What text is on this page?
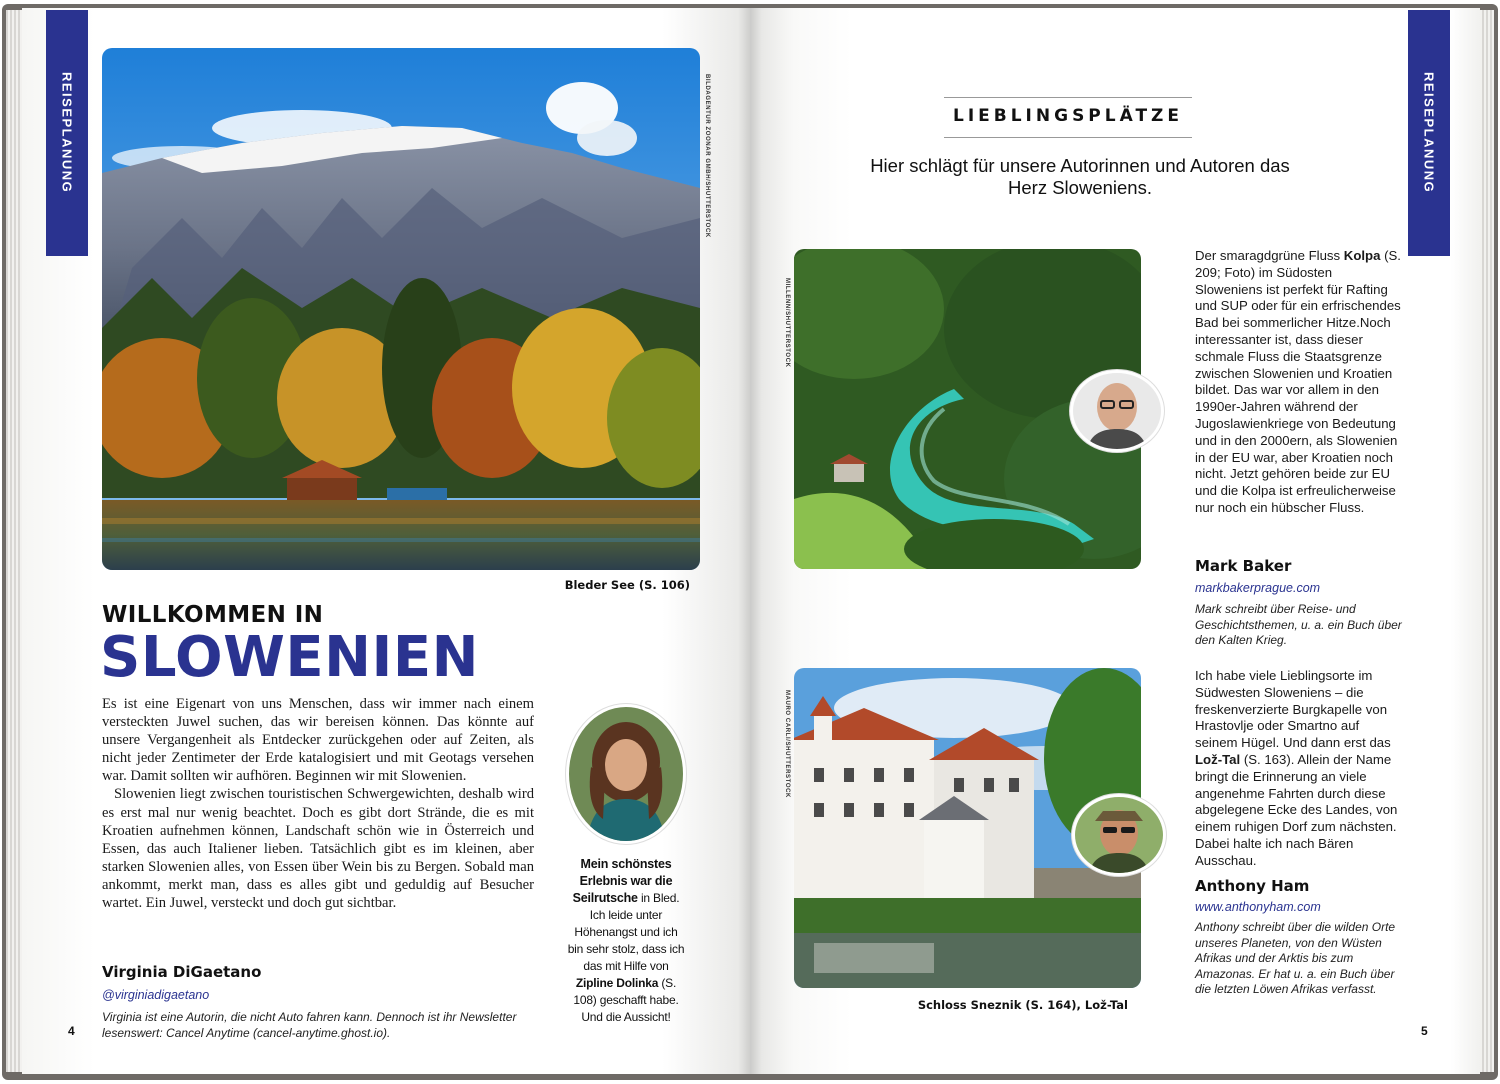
REISEPLANUNG	BILDAGENTUR ZOONAR GMBH/SHUTTERSTOCK
Bleder See (S. 106)
WILLKOMMEN IN
SLOWENIEN

Es ist eine Eigenart von uns Menschen, dass wir immer nach einem versteckten Juwel suchen, das wir bereisen können. Das könnte auf unsere Vergangenheit als Entdecker zurückgehen oder auf Zeiten, als nicht jeder Zentimeter der Erde katalogisiert und mit Geotags versehen war. Damit sollten wir aufhören. Beginnen wir mit Slowenien.

Slowenien liegt zwischen touristischen Schwergewichten, deshalb wird es erst mal nur wenig beachtet. Doch es gibt dort Strände, die es mit Kroatien aufnehmen können, Landschaft schön wie in Österreich und Essen, das auch Italiener lieben. Tatsächlich gibt es im kleinen, aber starken Slowenien alles, von Essen über Wein bis zu Bergen. Sobald man ankommt, merkt man, dass es alles gibt und geduldig auf Besucher wartet. Ein Juwel, versteckt und doch gut sichtbar.

Virginia DiGaetano
@virginiadigaetano
Virginia ist eine Autorin, die nicht Auto fahren kann. Dennoch ist ihr Newsletter lesenswert: Cancel Anytime (cancel-anytime.ghost.io).
Mein schönstes Erlebnis war die Seilrutsche in Bled. Ich leide unter Höhenangst und ich bin sehr stolz, dass ich das mit Hilfe von Zipline Dolinka (S. 108) geschafft habe. Und die Aussicht!
4
REISEPLANUNG
LIEBLINGSPLÄTZE
Hier schlägt für unsere Autorinnen und Autoren das Herz Sloweniens.
MILLENN/SHUTTERSTOCK
Der smaragdgrüne Fluss Kolpa (S. 209; Foto) im Südosten Sloweniens ist perfekt für Rafting und SUP oder für ein erfrischendes Bad bei sommerlicher Hitze.Noch interessanter ist, dass dieser schmale Fluss die Staatsgrenze zwischen Slowenien und Kroatien bildet. Das war vor allem in den 1990er-Jahren während der Jugoslawienkriege von Bedeutung und in den 2000ern, als Slowenien in der EU war, aber Kroatien noch nicht. Jetzt gehören beide zur EU und die Kolpa ist erfreulicherweise nur noch ein hübscher Fluss.
Mark Baker
markbakerprague.com
Mark schreibt über Reise- und Geschichtsthemen, u. a. ein Buch über den Kalten Krieg.
MAURO CARLI/SHUTTERSTOCK
Schloss Sneznik (S. 164), Lož-Tal
Ich habe viele Lieblingsorte im Südwesten Sloweniens – die freskenverzierte Burgkapelle von Hrastovlje oder Smartno auf seinem Hügel. Und dann erst das Lož-Tal (S. 163). Allein der Name bringt die Erinnerung an viele angenehme Fahrten durch diese abgelegene Ecke des Landes, von einem ruhigen Dorf zum nächsten. Dabei halte ich nach Bären Ausschau.
Anthony Ham
www.anthonyham.com
Anthony schreibt über die wilden Orte unseres Planeten, von den Wüsten Afrikas und der Arktis bis zum Amazonas. Er hat u. a. ein Buch über die letzten Löwen Afrikas verfasst.
5
